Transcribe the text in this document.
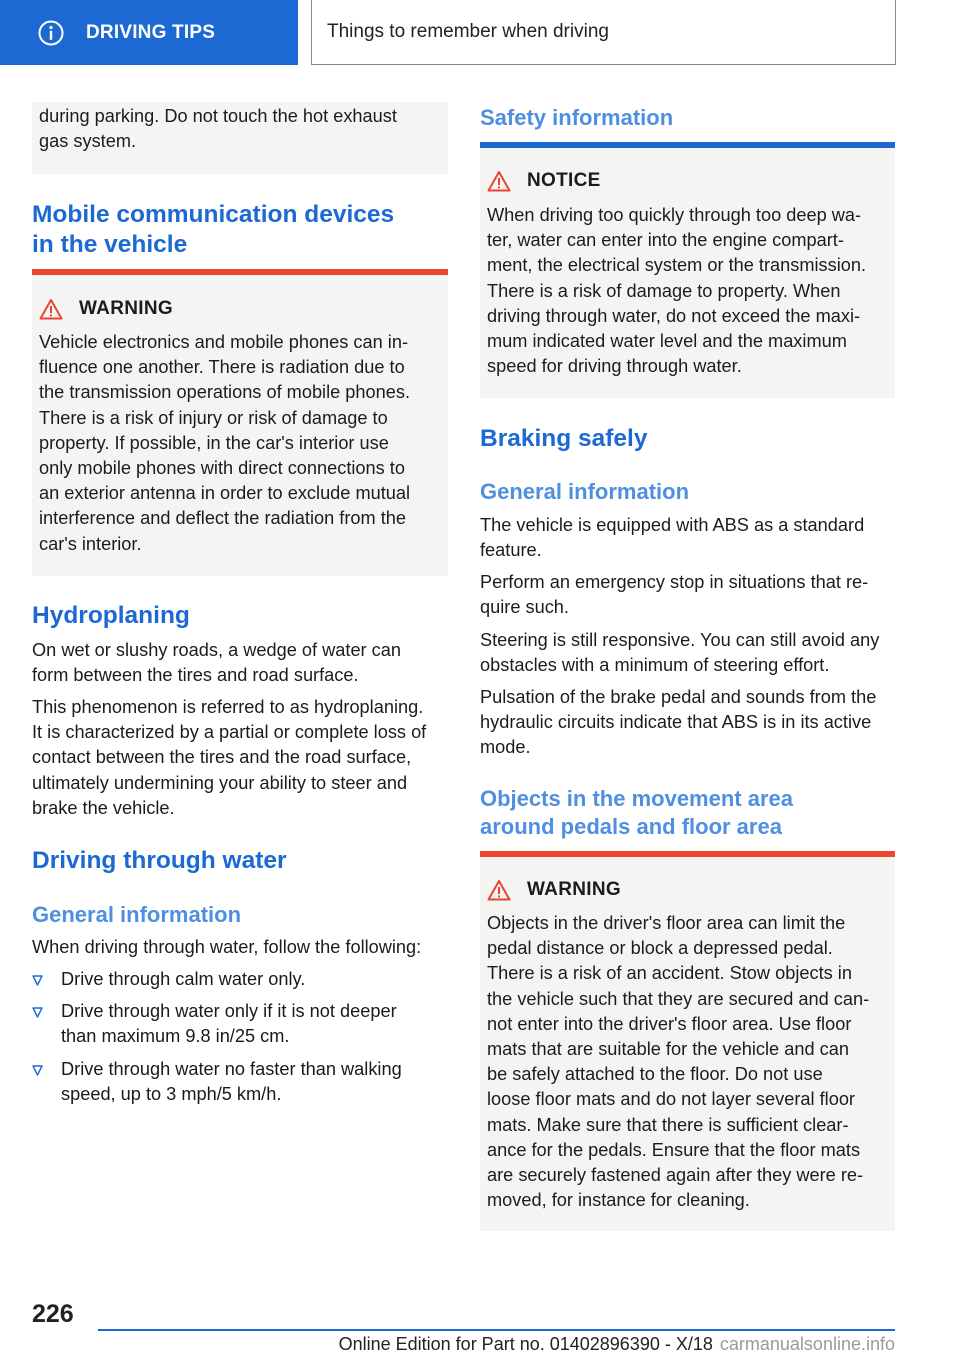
DRIVING TIPS	Things to remember when driving
during parking. Do not touch the hot exhaust
gas system.
Mobile communication devices
in the vehicle
WARNING
Vehicle electronics and mobile phones can in-
fluence one another. There is radiation due to
the transmission operations of mobile phones.
There is a risk of injury or risk of damage to
property. If possible, in the car's interior use
only mobile phones with direct connections to
an exterior antenna in order to exclude mutual
interference and deflect the radiation from the
car's interior.
Hydroplaning
On wet or slushy roads, a wedge of water can
form between the tires and road surface.
This phenomenon is referred to as hydroplaning.
It is characterized by a partial or complete loss of
contact between the tires and the road surface,
ultimately undermining your ability to steer and
brake the vehicle.
Driving through water
General information
When driving through water, follow the following:
Drive through calm water only.
Drive through water only if it is not deeper
than maximum 9.8 in/25 cm.
Drive through water no faster than walking
speed, up to 3 mph/5 km/h.
Safety information
NOTICE
When driving too quickly through too deep wa-
ter, water can enter into the engine compart-
ment, the electrical system or the transmission.
There is a risk of damage to property. When
driving through water, do not exceed the maxi-
mum indicated water level and the maximum
speed for driving through water.
Braking safely
General information
The vehicle is equipped with ABS as a standard
feature.
Perform an emergency stop in situations that re-
quire such.
Steering is still responsive. You can still avoid any
obstacles with a minimum of steering effort.
Pulsation of the brake pedal and sounds from the
hydraulic circuits indicate that ABS is in its active
mode.
Objects in the movement area
around pedals and floor area
WARNING
Objects in the driver's floor area can limit the
pedal distance or block a depressed pedal.
There is a risk of an accident. Stow objects in
the vehicle such that they are secured and can-
not enter into the driver's floor area. Use floor
mats that are suitable for the vehicle and can
be safely attached to the floor. Do not use
loose floor mats and do not layer several floor
mats. Make sure that there is sufficient clear-
ance for the pedals. Ensure that the floor mats
are securely fastened again after they were re-
moved, for instance for cleaning.
226
Online Edition for Part no. 01402896390 - X/18 carmanualsonline.info
